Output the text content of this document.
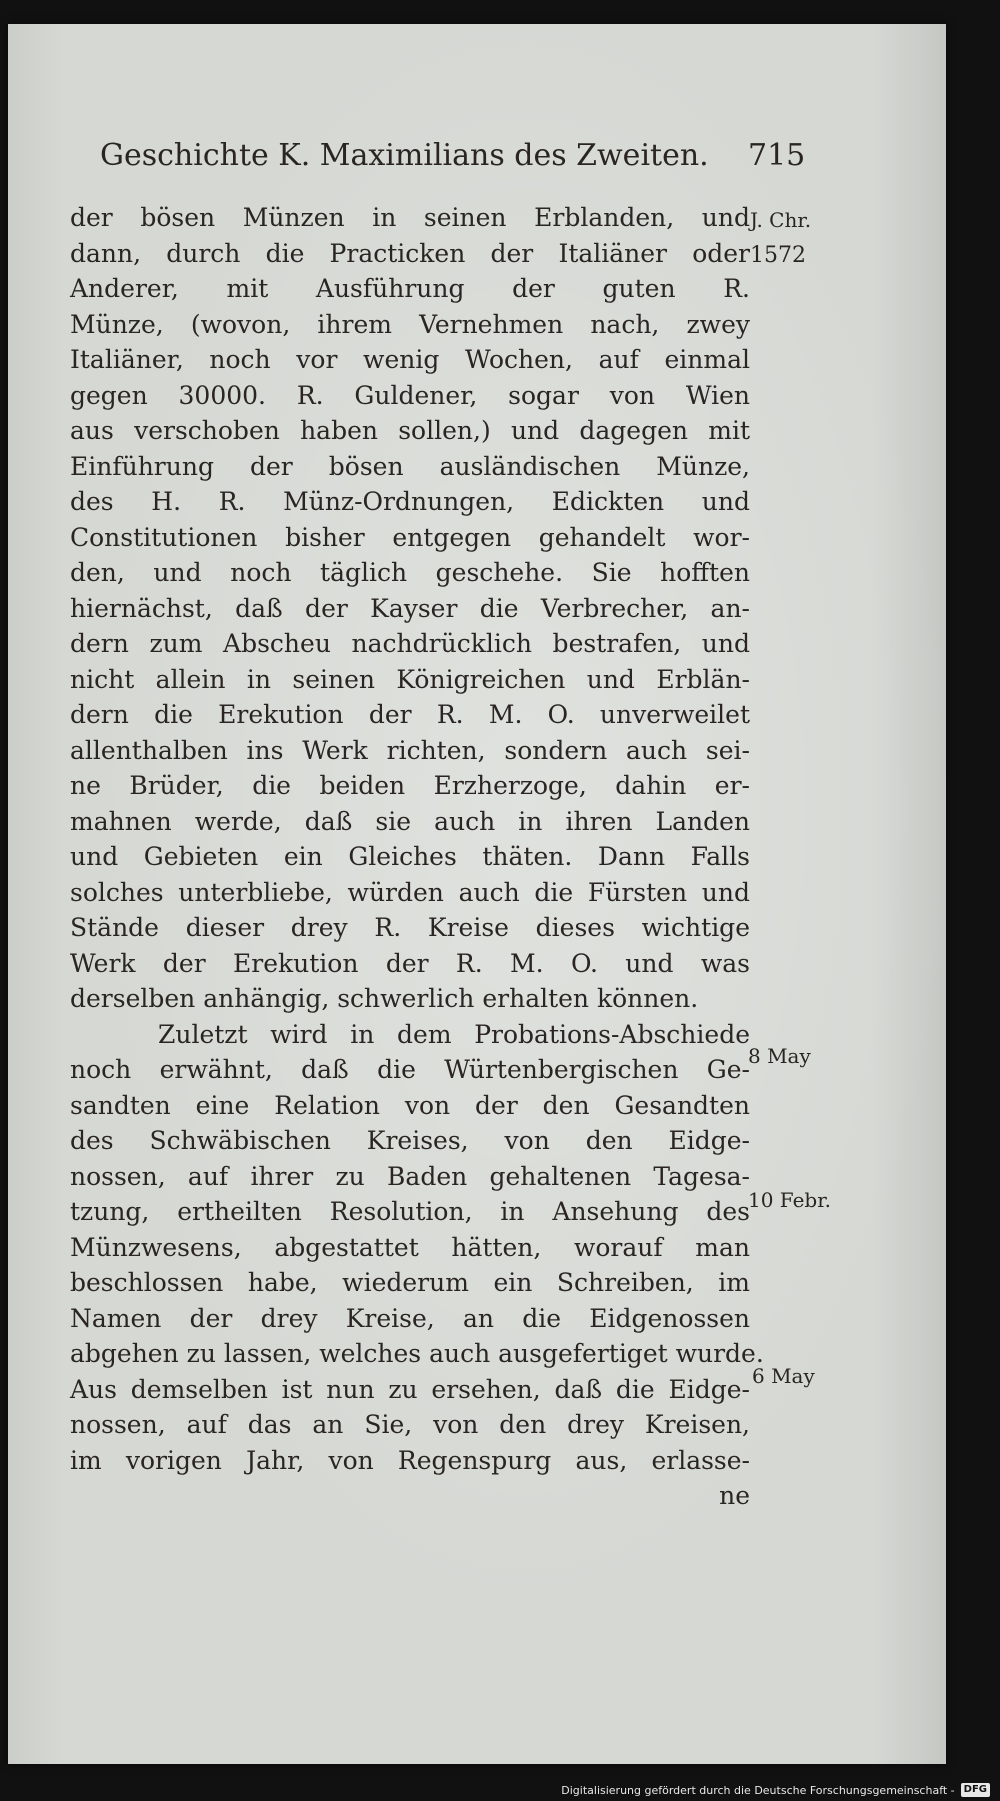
Geschichte K. Maximilians des Zweiten.	715
der bösen Münzen in seinen Erblanden, und
dann, durch die Practicken der Italiäner oder
Anderer, mit Ausführung der guten R.
Münze, (wovon, ihrem Vernehmen nach, zwey
Italiäner, noch vor wenig Wochen, auf einmal
gegen 30000. R. Guldener, sogar von Wien
aus verschoben haben sollen,) und dagegen mit
Einführung der bösen ausländischen Münze,
des H. R. Münz-Ordnungen, Edickten und
Constitutionen bisher entgegen gehandelt wor-
den, und noch täglich geschehe. Sie hofften
hiernächst, daß der Kayser die Verbrecher, an-
dern zum Abscheu nachdrücklich bestrafen, und
nicht allein in seinen Königreichen und Erblän-
dern die Erekution der R. M. O. unverweilet
allenthalben ins Werk richten, sondern auch sei-
ne Brüder, die beiden Erzherzoge, dahin er-
mahnen werde, daß sie auch in ihren Landen
und Gebieten ein Gleiches thäten. Dann Falls
solches unterbliebe, würden auch die Fürsten und
Stände dieser drey R. Kreise dieses wichtige
Werk der Erekution der R. M. O. und was
derselben anhängig, schwerlich erhalten können.
Zuletzt wird in dem Probations-Abschiede
noch erwähnt, daß die Würtenbergischen Ge-
sandten eine Relation von der den Gesandten
des Schwäbischen Kreises, von den Eidge-
nossen, auf ihrer zu Baden gehaltenen Tagesa-
tzung, ertheilten Resolution, in Ansehung des
Münzwesens, abgestattet hätten, worauf man
beschlossen habe, wiederum ein Schreiben, im
Namen der drey Kreise, an die Eidgenossen
abgehen zu lassen, welches auch ausgefertiget wurde.
Aus demselben ist nun zu ersehen, daß die Eidge-
nossen, auf das an Sie, von den drey Kreisen,
im vorigen Jahr, von Regenspurg aus, erlasse-
ne
J. Chr.
1572
8 May
10 Febr.
6 May
Digitalisierung gefördert durch die Deutsche Forschungsgemeinschaft - DFG
